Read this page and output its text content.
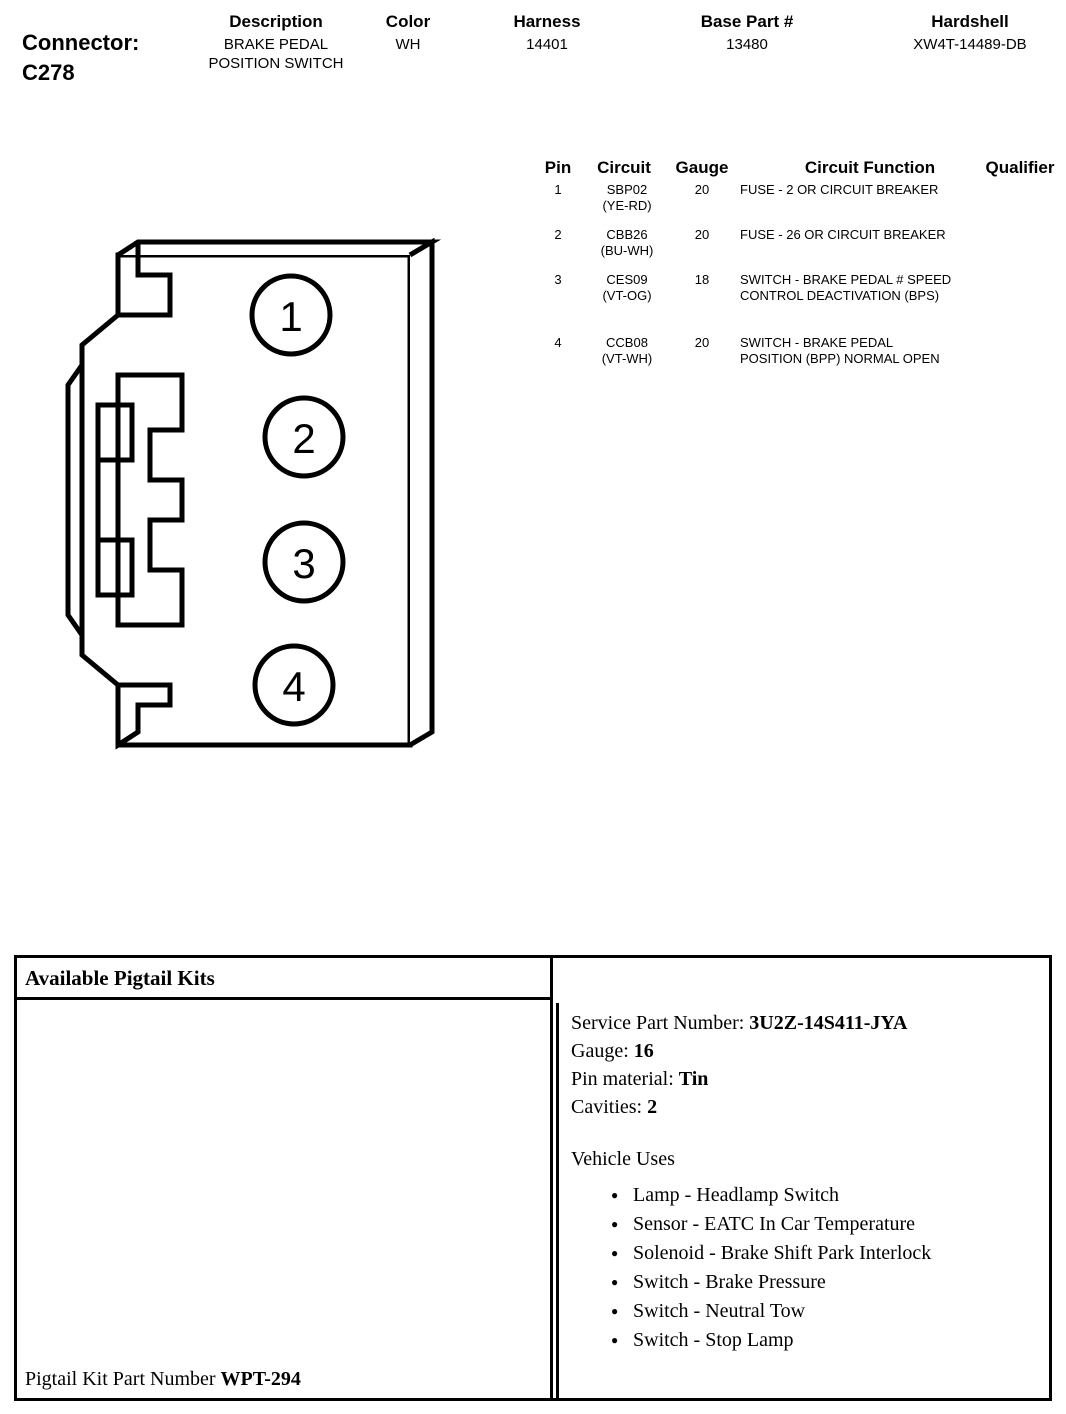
Connector:
C278
Description
BRAKE PEDAL POSITION SWITCH
Color
WH
Harness
14401
Base Part #
13480
Hardshell
XW4T-14489-DB
Pin	Circuit	Gauge	Circuit Function	Qualifier
1	SBP02
(YE-RD)
20	FUSE - 2 OR CIRCUIT BREAKER
2	CBB26
(BU-WH)
20	FUSE - 26 OR CIRCUIT BREAKER
3	CES09
(VT-OG)
18	SWITCH - BRAKE PEDAL # SPEED CONTROL DEACTIVATION (BPS)
4	CCB08
(VT-WH)
20	SWITCH - BRAKE PEDAL POSITION (BPP) NORMAL OPEN
1
2
3
4
Available Pigtail Kits
Pigtail Kit Part Number WPT-294
Service Part Number: 3U2Z-14S411-JYA
Gauge: 16
Pin material: Tin
Cavities: 2
Vehicle Uses
● Lamp - Headlamp Switch
● Sensor - EATC In Car Temperature
● Solenoid - Brake Shift Park Interlock
● Switch - Brake Pressure
● Switch - Neutral Tow
● Switch - Stop Lamp
